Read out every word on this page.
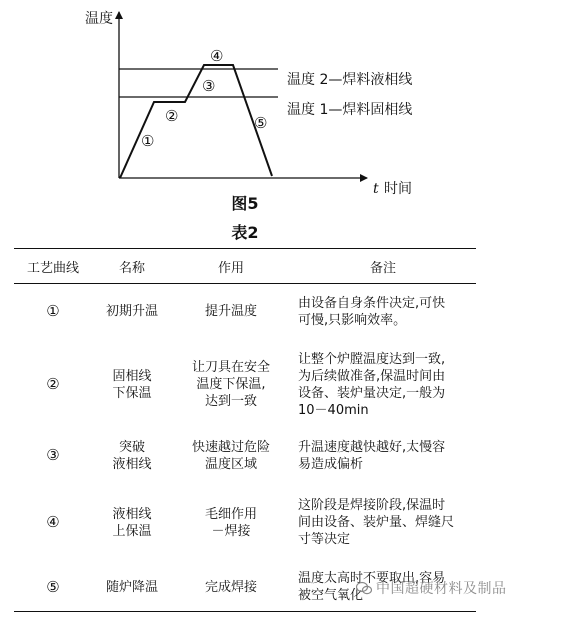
温度
t 时间
温度 2—焊料液相线
温度 1—焊料固相线
①
②
③
④
⑤
图5
表2
工艺曲线	名称	作用	备注
①	初期升温	提升温度	由设备自身条件决定,可快
可慢,只影响效率。
②	固相线
下保温	让刀具在安全
温度下保温,
达到一致	让整个炉膛温度达到一致,
为后续做准备,保温时间由
设备、装炉量决定,一般为
10－40min
③	突破
液相线	快速越过危险
温度区域	升温速度越快越好,太慢容
易造成偏析
④	液相线
上保温	毛细作用
－焊接	这阶段是焊接阶段,保温时
间由设备、装炉量、焊缝尺
寸等决定
⑤	随炉降温	完成焊接	温度太高时不要取出,容易
被空气氧化 中国超硬材料及制品
